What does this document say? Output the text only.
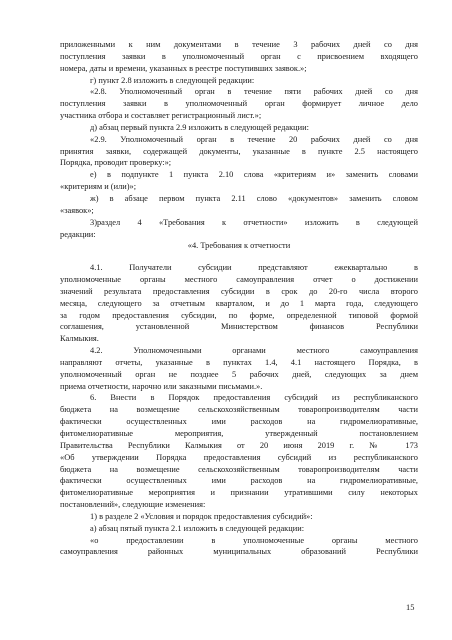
приложенными к ним документами в течение 3 рабочих дней со дня
поступления заявки в уполномоченный орган с присвоением входящего
номера, даты и времени, указанных в реестре поступивших заявок.»;
г) пункт 2.8 изложить в следующей редакции:
«2.8. Уполномоченный орган в течение пяти рабочих дней со дня
поступления заявки в уполномоченный орган формирует личное дело
участника отбора и составляет регистрационный лист.»;
д) абзац первый пункта 2.9 изложить в следующей редакции:
«2.9. Уполномоченный орган в течение 20 рабочих дней со дня
принятия заявки, содержащей документы, указанные в пункте 2.5 настоящего
Порядка, проводит проверку:»;
е) в подпункте 1 пункта 2.10 слова «критериям и» заменить словами
«критериям и (или)»;
ж) в абзаце первом пункта 2.11 слово «документов» заменить словом
«заявок»;
3)раздел 4 «Требования к отчетности» изложить в следующей
редакции:
«4. Требования к отчетности
4.1. Получатели субсидии представляют ежеквартально в
уполномоченные органы местного самоуправления отчет о достижении
значений результата предоставления субсидии в срок до 20-го числа второго
месяца, следующего за отчетным кварталом, и до 1 марта года, следующего
за годом предоставления субсидии, по форме, определенной типовой формой
соглашения, установленной Министерством финансов Республики
Калмыкия.
4.2. Уполномоченными органами местного самоуправления
направляют отчеты, указанные в пунктах 1.4, 4.1 настоящего Порядка, в
уполномоченный орган не позднее 5 рабочих дней, следующих за днем
приема отчетности, нарочно или заказными письмами.».
6. Внести в Порядок предоставления субсидий из республиканского
бюджета на возмещение сельскохозяйственным товаропроизводителям части
фактически осуществленных ими расходов на гидромелиоративные,
фитомелиоративные мероприятия, утвержденный постановлением
Правительства Республики Калмыкия от 20 июня 2019 г. № 173
«Об утверждении Порядка предоставления субсидий из республиканского
бюджета на возмещение сельскохозяйственным товаропроизводителям части
фактически осуществленных ими расходов на гидромелиоративные,
фитомелиоративные мероприятия и признании утратившими силу некоторых
постановлений», следующие изменения:
1) в разделе 2 «Условия и порядок предоставления субсидий»:
а) абзац пятый пункта 2.1 изложить в следующей редакции:
«о предоставлении в уполномоченные органы местного
самоуправления районных муниципальных образований Республики
15
